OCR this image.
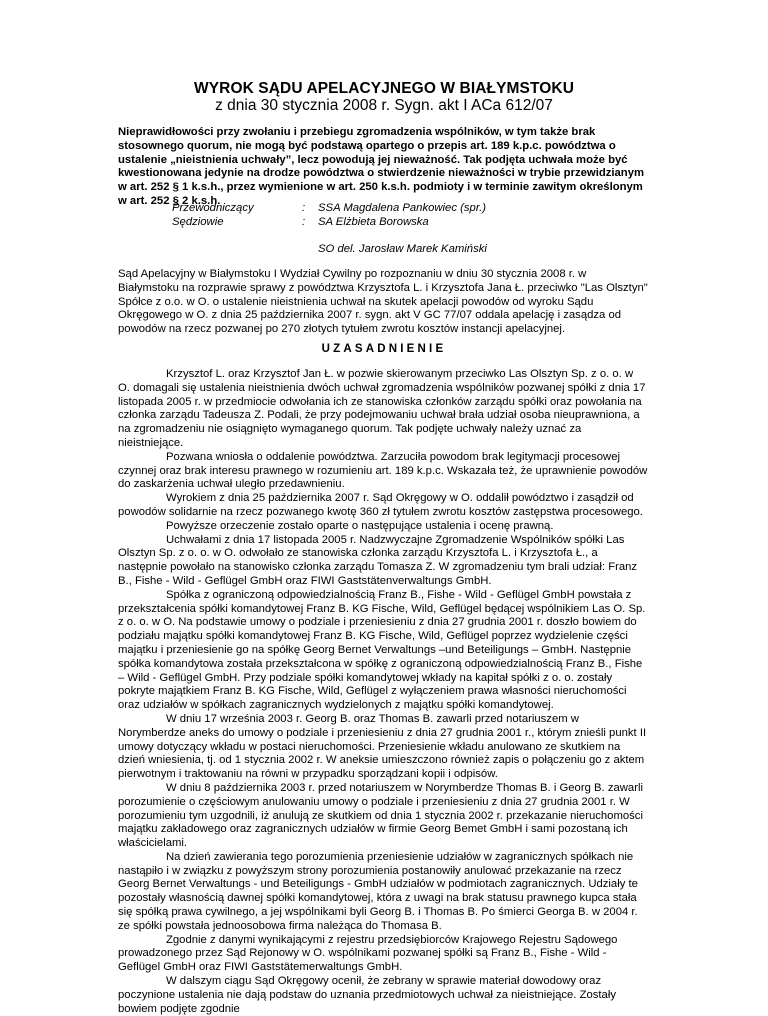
WYROK SĄDU APELACYJNEGO W BIAŁYMSTOKU
z dnia 30 stycznia 2008 r. Sygn. akt I ACa 612/07
Nieprawidłowości przy zwołaniu i przebiegu zgromadzenia wspólników, w tym także brak stosownego quorum, nie mogą być podstawą opartego o przepis art. 189 k.p.c. powództwa o ustalenie „nieistnienia uchwały”, lecz powodują jej nieważność. Tak podjęta uchwała może być kwestionowana jedynie na drodze powództwa o stwierdzenie nieważności w trybie przewidzianym w art. 252 § 1 k.s.h., przez wymienione w art. 250 k.s.h. podmioty i w terminie zawitym określonym w art. 252 § 2 k.s.h.
Przewodniczący
Sędziowie
:
:
SSA Magdalena Pankowiec (spr.)
SA Elżbieta Borowska
SO del. Jarosław Marek Kamiński
Sąd Apelacyjny w Białymstoku I Wydział Cywilny po rozpoznaniu w dniu 30 stycznia 2008 r. w Białymstoku na rozprawie sprawy z powództwa Krzysztofa L. i Krzysztofa Jana Ł. przeciwko "Las Olsztyn" Spółce z o.o. w O. o ustalenie nieistnienia uchwał na skutek apelacji powodów od wyroku Sądu Okręgowego w O. z dnia 25 października 2007 r. sygn. akt V GC 77/07 oddala apelację i zasądza od powodów na rzecz pozwanej po 270 złotych tytułem zwrotu kosztów instancji apelacyjnej.
UZASADNIENIE

Krzysztof L. oraz Krzysztof Jan Ł. w pozwie skierowanym przeciwko Las Olsztyn Sp. z o. o. w O. domagali się ustalenia nieistnienia dwóch uchwał zgromadzenia wspólników pozwanej spółki z dnia 17 listopada 2005 r. w przedmiocie odwołania ich ze stanowiska członków zarządu spółki oraz powołania na członka zarządu Tadeusza Z. Podali, że przy podejmowaniu uchwał brała udział osoba nieuprawniona, a na zgromadzeniu nie osiągnięto wymaganego quorum. Tak podjęte uchwały należy uznać za nieistniejące.

Pozwana wniosła o oddalenie powództwa. Zarzuciła powodom brak legitymacji procesowej czynnej oraz brak interesu prawnego w rozumieniu art. 189 k.p.c. Wskazała też, że uprawnienie powodów do zaskarżenia uchwał uległo przedawnieniu.

Wyrokiem z dnia 25 października 2007 r. Sąd Okręgowy w O. oddalił powództwo i zasądził od powodów solidarnie na rzecz pozwanego kwotę 360 zł tytułem zwrotu kosztów zastępstwa procesowego.

Powyższe orzeczenie zostało oparte o następujące ustalenia i ocenę prawną.

Uchwałami z dnia 17 listopada 2005 r. Nadzwyczajne Zgromadzenie Wspólników spółki Las Olsztyn Sp. z o. o. w O. odwołało ze stanowiska członka zarządu Krzysztofa L. i Krzysztofa Ł., a następnie powołało na stanowisko członka zarządu Tomasza Z. W zgromadzeniu tym brali udział: Franz B., Fishe - Wild - Geflügel GmbH oraz FIWI Gaststätenverwaltungs GmbH.

Spółka z ograniczoną odpowiedzialnością Franz B., Fishe - Wild - Geflügel GmbH powstała z przekształcenia spółki komandytowej Franz B. KG Fische, Wild, Geflügel będącej wspólnikiem Las O. Sp. z o. o. w O. Na podstawie umowy o podziale i przeniesieniu z dnia 27 grudnia 2001 r. doszło bowiem do podziału majątku spółki komandytowej Franz B. KG Fische, Wild, Geflügel poprzez wydzielenie części majątku i przeniesienie go na spółkę Georg Bernet Verwaltungs –und Beteiligungs – GmbH. Następnie spółka komandytowa została przekształcona w spółkę z ograniczoną odpowiedzialnością Franz B., Fishe – Wild - Geflügel GmbH. Przy podziale spółki komandytowej wkłady na kapitał spółki z o. o. zostały pokryte majątkiem Franz B. KG Fische, Wild, Geflügel z wyłączeniem prawa własności nieruchomości oraz udziałów w spółkach zagranicznych wydzielonych z majątku spółki komandytowej.

W dniu 17 września 2003 r. Georg B. oraz Thomas B. zawarli przed notariuszem w Norymberdze aneks do umowy o podziale i przeniesieniu z dnia 27 grudnia 2001 r., którym znieśli punkt II umowy dotyczący wkładu w postaci nieruchomości. Przeniesienie wkładu anulowano ze skutkiem na dzień wniesienia, tj. od 1 stycznia 2002 r. W aneksie umieszczono również zapis o połączeniu go z aktem pierwotnym i traktowaniu na równi w przypadku sporządzani kopii i odpisów.

W dniu 8 października 2003 r. przed notariuszem w Norymberdze Thomas B. i Georg B. zawarli porozumienie o częściowym anulowaniu umowy o podziale i przeniesieniu z dnia 27 grudnia 2001 r. W porozumieniu tym uzgodnili, iż anulują ze skutkiem od dnia 1 stycznia 2002 r. przekazanie nieruchomości majątku zakładowego oraz zagranicznych udziałów w firmie Georg Bemet GmbH i sami pozostaną ich właścicielami.

Na dzień zawierania tego porozumienia przeniesienie udziałów w zagranicznych spółkach nie nastąpiło i w związku z powyższym strony porozumienia postanowiły anulować przekazanie na rzecz Georg Bernet Verwaltungs - und Beteiligungs - GmbH udziałów w podmiotach zagranicznych. Udziały te pozostały własnością dawnej spółki komandytowej, która z uwagi na brak statusu prawnego kupca stała się spółką prawa cywilnego, a jej wspólnikami byli Georg B. i Thomas B. Po śmierci Georga B. w 2004 r. ze spółki powstała jednoosobowa firma należąca do Thomasa B.

Zgodnie z danymi wynikającymi z rejestru przedsiębiorców Krajowego Rejestru Sądowego prowadzonego przez Sąd Rejonowy w O. wspólnikami pozwanej spółki są Franz B., Fishe - Wild - Geflügel GmbH oraz FIWI Gaststätemerwaltungs GmbH.

W dalszym ciągu Sąd Okręgowy ocenił, że zebrany w sprawie materiał dowodowy oraz poczynione ustalenia nie dają podstaw do uznania przedmiotowych uchwał za nieistniejące. Zostały bowiem podjęte zgodnie
